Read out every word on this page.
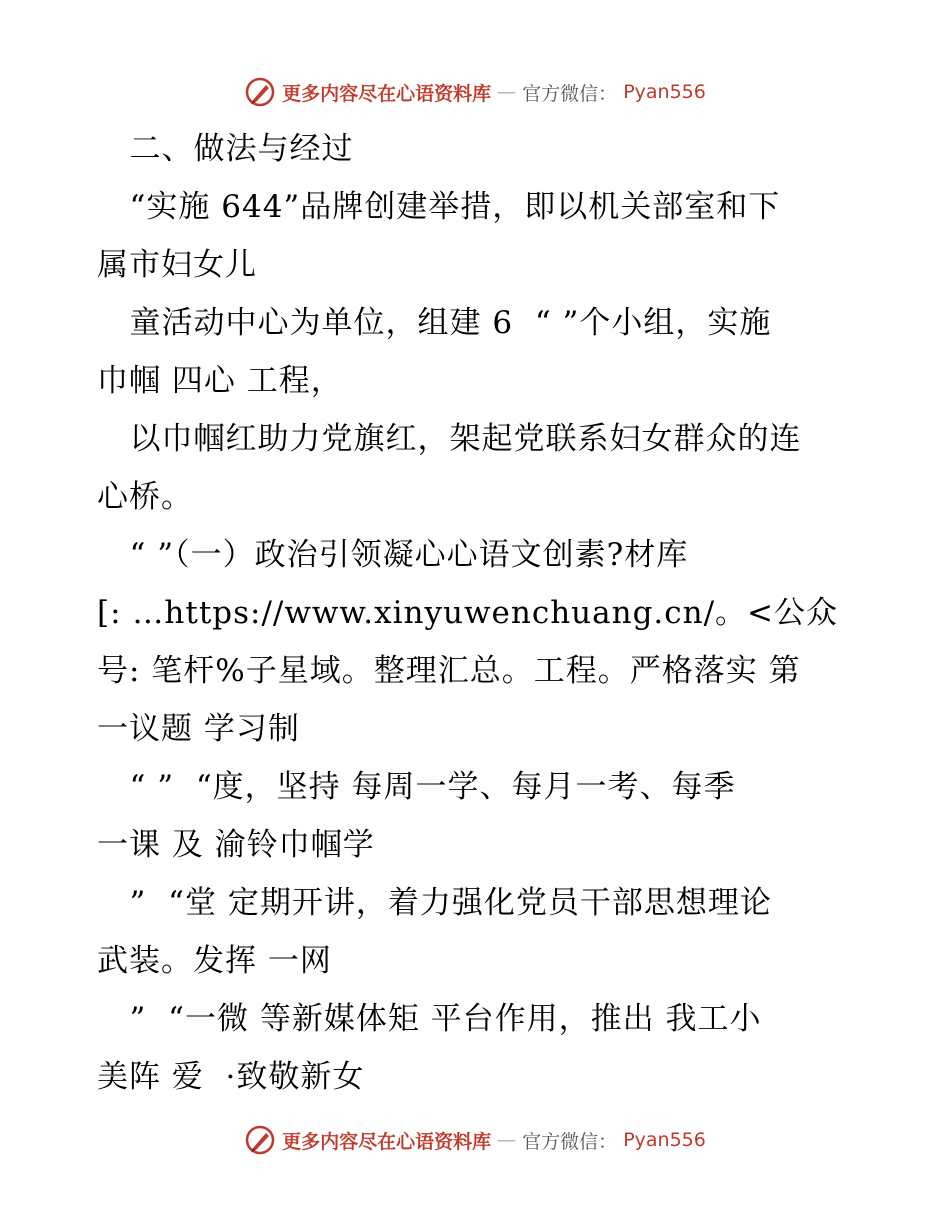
更多内容尽在心语资料库 — 官方微信： Pyan556
二、做法与经过
“实施 644”品牌创建举措，即以机关部室和下
属市妇女儿
童活动中心为单位，组建 6  “ ”个小组，实施
巾帼 四心 工程，
以巾帼红助力党旗红，架起党联系妇女群众的连
心桥。
“ ”（一）政治引领凝心心语文创素?材库
[: …https://www.xinyuwenchuang.cn/。<公众
号: 笔杆%子星域。整理汇总。工程。严格落实 第
一议题 学习制
“ ”  “度，坚持 每周一学、每月一考、每季
一课 及 渝铃巾帼学
”  “堂 定期开讲，着力强化党员干部思想理论
武装。发挥 一网
”  “一微 等新媒体矩 平台作用，推出 我工小
美阵 爱  ·致敬新女
更多内容尽在心语资料库 — 官方微信： Pyan556
